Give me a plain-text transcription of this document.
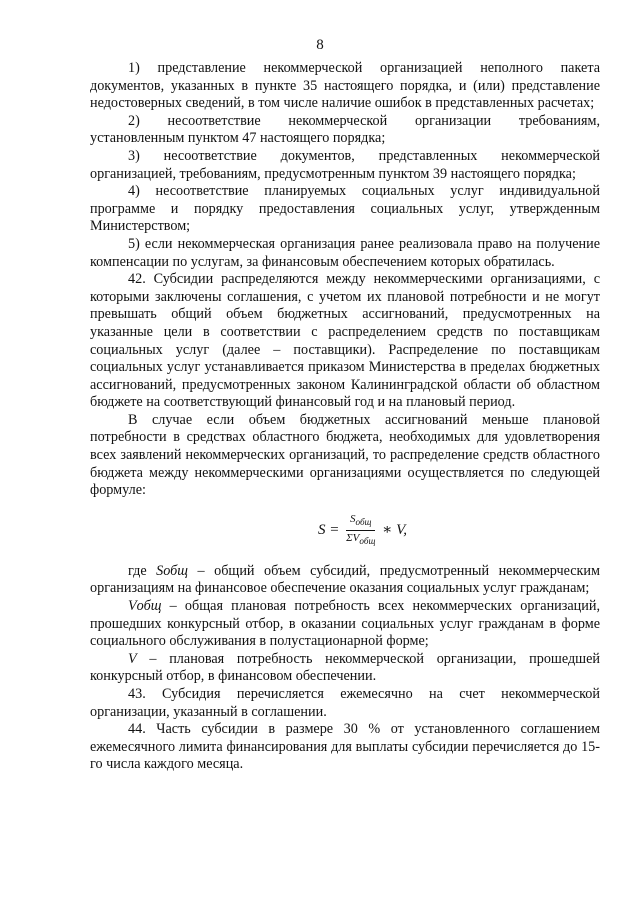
8

1) представление некоммерческой организацией неполного пакета документов, указанных в пункте 35 настоящего порядка, и (или) представление недостоверных сведений, в том числе наличие ошибок в представленных расчетах;

2) несоответствие некоммерческой организации требованиям, установленным пунктом 47 настоящего порядка;

3) несоответствие документов, представленных некоммерческой организацией, требованиям, предусмотренным пунктом 39 настоящего порядка;

4) несоответствие планируемых социальных услуг индивидуальной программе и порядку предоставления социальных услуг, утвержденным Министерством;

5) если некоммерческая организация ранее реализовала право на получение компенсации по услугам, за финансовым обеспечением которых обратилась.

42. Субсидии распределяются между некоммерческими организациями, с которыми заключены соглашения, с учетом их плановой потребности и не могут превышать общий объем бюджетных ассигнований, предусмотренных на указанные цели в соответствии с распределением средств по поставщикам социальных услуг (далее – поставщики). Распределение по поставщикам социальных услуг устанавливается приказом Министерства в пределах бюджетных ассигнований, предусмотренных законом Калининградской области об областном бюджете на соответствующий финансовый год и на плановый период.

В случае если объем бюджетных ассигнований меньше плановой потребности в средствах областного бюджета, необходимых для удовлетворения всех заявлений некоммерческих организаций, то распределение средств областного бюджета между некоммерческими организациями осуществляется по следующей формуле:

$S = \frac{S_{общ}}{\Sigma V_{общ}}$ ∗ V,

где Sобщ – общий объем субсидий, предусмотренный некоммерческим организациям на финансовое обеспечение оказания социальных услуг гражданам;

Vобщ – общая плановая потребность всех некоммерческих организаций, прошедших конкурсный отбор, в оказании социальных услуг гражданам в форме социального обслуживания в полустационарной форме;

V – плановая потребность некоммерческой организации, прошедшей конкурсный отбор, в финансовом обеспечении.

43. Субсидия перечисляется ежемесячно на счет некоммерческой организации, указанный в соглашении.

44. Часть субсидии в размере 30 % от установленного соглашением ежемесячного лимита финансирования для выплаты субсидии перечисляется до 15-го числа каждого месяца.
